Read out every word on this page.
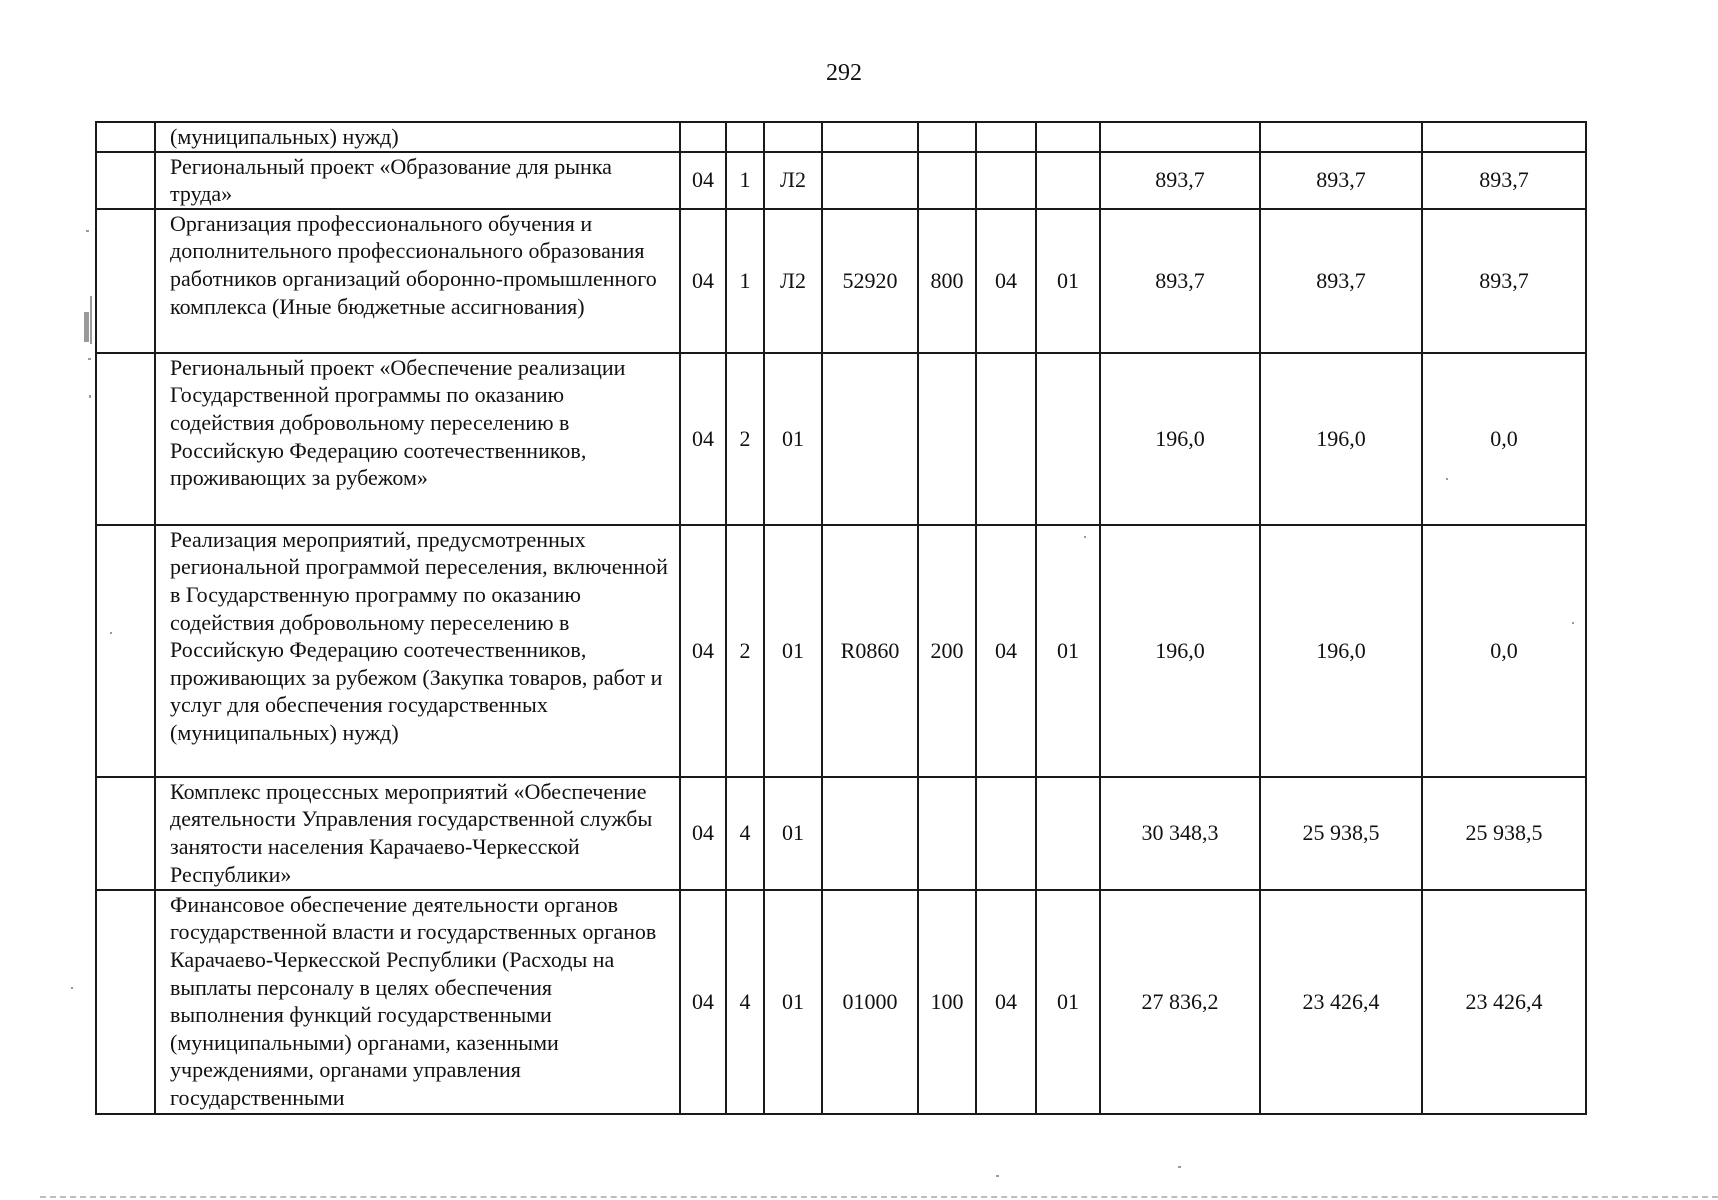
292
	(муниципальных) нужд)										
	Региональный проект «Образование для рынка труда»	04	1	Л2					893,7	893,7	893,7
	Организация профессионального обучения и дополнительного профессионального образования работников организаций оборонно-промышленного комплекса (Иные бюджетные ассигнования)	04	1	Л2	52920	800	04	01	893,7	893,7	893,7
	Региональный проект «Обеспечение реализации Государственной программы по оказанию содействия добровольному переселению в Российскую Федерацию соотечественников, проживающих за рубежом»	04	2	01					196,0	196,0	0,0
	Реализация мероприятий, предусмотренных региональной программой переселения, включенной в Государственную программу по оказанию содействия добровольному переселению в Российскую Федерацию соотечественников, проживающих за рубежом (Закупка товаров, работ и услуг для обеспечения государственных (муниципальных) нужд)	04	2	01	R0860	200	04	01	196,0	196,0	0,0
	Комплекс процессных мероприятий «Обеспечение деятельности Управления государственной службы занятости населения Карачаево-Черкесской Республики»	04	4	01					30 348,3	25 938,5	25 938,5
	Финансовое обеспечение деятельности органов государственной власти и государственных органов Карачаево-Черкесской Республики (Расходы на выплаты персоналу в целях обеспечения выполнения функций государственными (муниципальными) органами, казенными учреждениями, органами управления государственными	04	4	01	01000	100	04	01	27 836,2	23 426,4	23 426,4
